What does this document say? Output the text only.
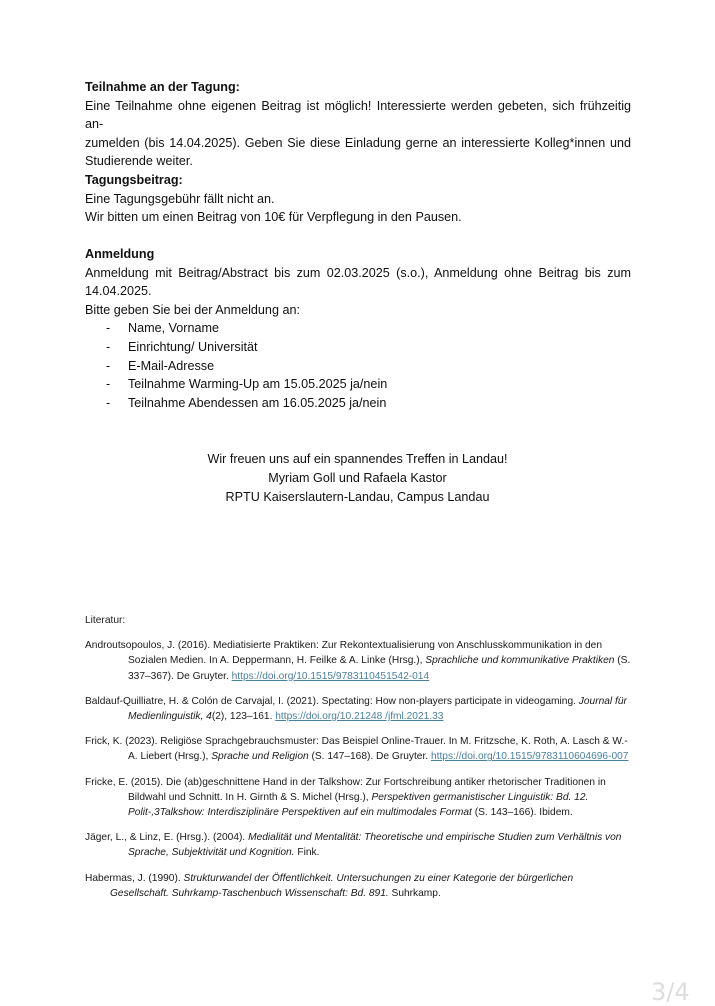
Teilnahme an der Tagung:

Eine Teilnahme ohne eigenen Beitrag ist möglich! Interessierte werden gebeten, sich frühzeitig an-

zumelden (bis 14.04.2025). Geben Sie diese Einladung gerne an interessierte Kolleg*innen und

Studierende weiter.

Tagungsbeitrag:

Eine Tagungsgebühr fällt nicht an.

Wir bitten um einen Beitrag von 10€ für Verpflegung in den Pausen.

Anmeldung

Anmeldung mit Beitrag/Abstract bis zum 02.03.2025 (s.o.), Anmeldung ohne Beitrag bis zum

14.04.2025.

Bitte geben Sie bei der Anmeldung an:

-	Name, Vorname
-	Einrichtung/ Universität
-	E-Mail-Adresse
-	Teilnahme Warming-Up am 15.05.2025 ja/nein
-	Teilnahme Abendessen am 16.05.2025 ja/nein
Wir freuen uns auf ein spannendes Treffen in Landau!
Myriam Goll und Rafaela Kastor
RPTU Kaiserslautern-Landau, Campus Landau

Literatur:

Androutsopoulos, J. (2016). Mediatisierte Praktiken: Zur Rekontextualisierung von Anschlusskommunikation in den Sozialen Medien. In A. Deppermann, H. Feilke & A. Linke (Hrsg.), Sprachliche und kommunikative Praktiken (S. 337–367). De Gruyter. https://doi.org/10.1515/9783110451542-014

Baldauf-Quilliatre, H. & Colón de Carvajal, I. (2021). Spectating: How non-players participate in videogaming. Journal für Medienlinguistik, 4(2), 123–161. https://doi.org/10.21248 /jfml.2021.33

Frick, K. (2023). Religiöse Sprachgebrauchsmuster: Das Beispiel Online-Trauer. In M. Fritzsche, K. Roth, A. Lasch & W.-A. Liebert (Hrsg.), Sprache und Religion (S. 147–168). De Gruyter. https://doi.org/10.1515/9783110604696-007

Fricke, E. (2015). Die (ab)geschnittene Hand in der Talkshow: Zur Fortschreibung antiker rhetorischer Traditionen in Bildwahl und Schnitt. In H. Girnth & S. Michel (Hrsg.), Perspektiven germanistischer Linguistik: Bd. 12. Polit-,3Talkshow: Interdisziplinäre Perspektiven auf ein multimodales Format (S. 143–166). Ibidem.

Jäger, L., & Linz, E. (Hrsg.). (2004). Medialität und Mentalität: Theoretische und empirische Studien zum Verhältnis von Sprache, Subjektivität und Kognition. Fink.

Habermas, J. (1990). Strukturwandel der Öffentlichkeit. Untersuchungen zu einer Kategorie der bürgerlichen Gesellschaft. Suhrkamp-Taschenbuch Wissenschaft: Bd. 891. Suhrkamp.

3/4
